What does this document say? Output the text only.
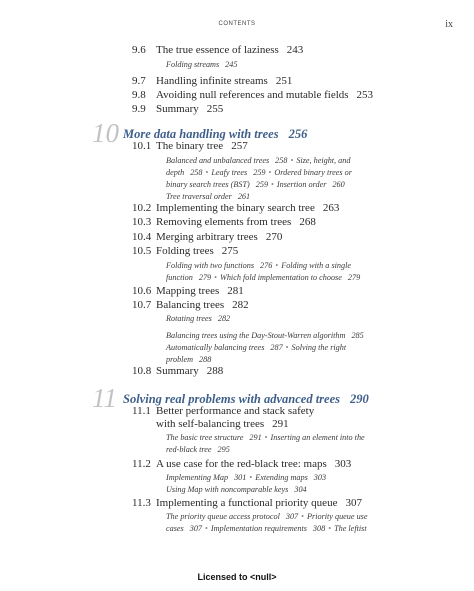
CONTENTS	ix
9.6 The true essence of laziness 243
Folding streams 245
9.7 Handling infinite streams 251
9.8 Avoiding null references and mutable fields 253
9.9 Summary 255
10 More data handling with trees 256
10.1 The binary tree 257
Balanced and unbalanced trees 258 • Size, height, and
depth 258 • Leafy trees 259 • Ordered binary trees or
binary search trees (BST) 259 • Insertion order 260
Tree traversal order 261
10.2 Implementing the binary search tree 263
10.3 Removing elements from trees 268
10.4 Merging arbitrary trees 270
10.5 Folding trees 275
Folding with two functions 276 • Folding with a single
function 279 • Which fold implementation to choose 279
10.6 Mapping trees 281
10.7 Balancing trees 282
Rotating trees 282
Balancing trees using the Day-Stout-Warren algorithm 285
Automatically balancing trees 287 • Solving the right
problem 288
10.8 Summary 288
11 Solving real problems with advanced trees 290
11.1 Better performance and stack safety
with self-balancing trees 291
The basic tree structure 291 • Inserting an element into the
red-black tree 295
11.2 A use case for the red-black tree: maps 303
Implementing Map 301 • Extending maps 303
Using Map with noncomparable keys 304
11.3 Implementing a functional priority queue 307
The priority queue access protocol 307 • Priority queue use
cases 307 • Implementation requirements 308 • The leftist
Licensed to <null>
